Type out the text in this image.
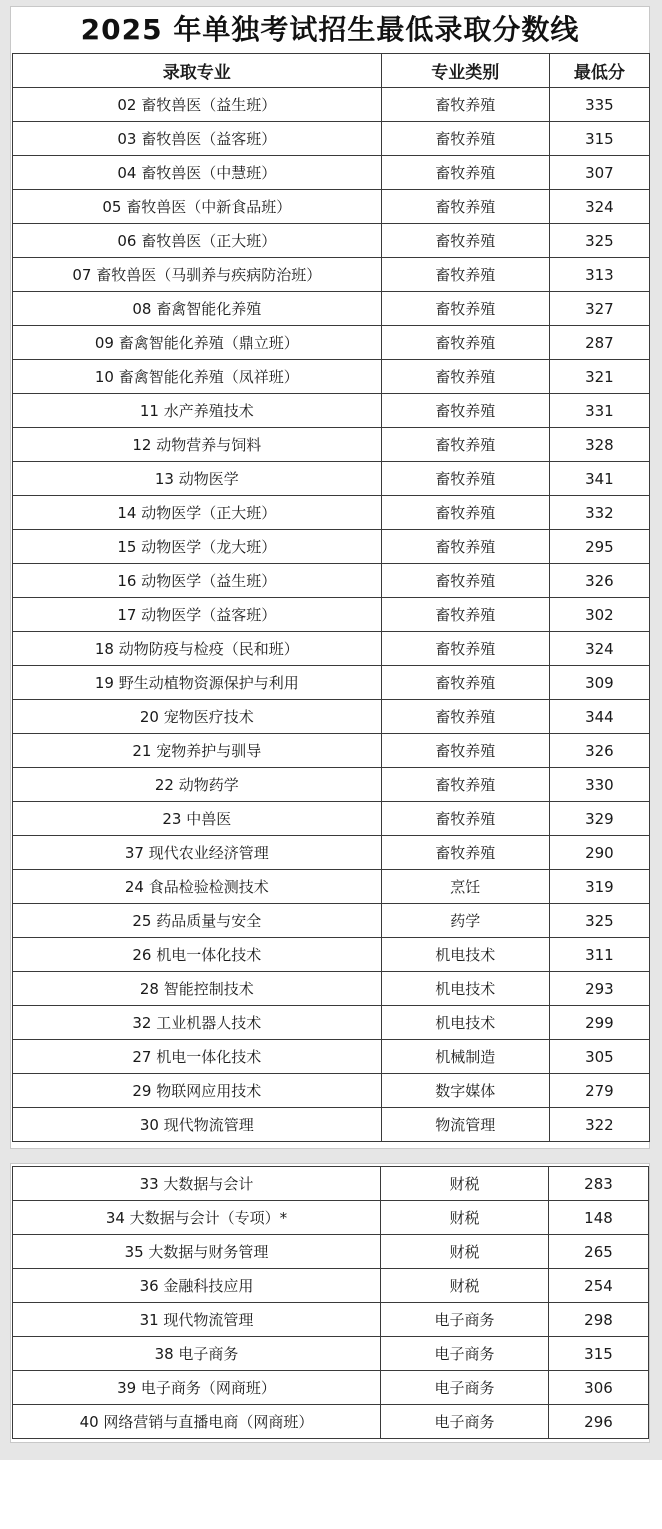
2025 年单独考试招生最低录取分数线
录取专业	专业类别	最低分
02 畜牧兽医（益生班）	畜牧养殖	335
03 畜牧兽医（益客班）	畜牧养殖	315
04 畜牧兽医（中慧班）	畜牧养殖	307
05 畜牧兽医（中新食品班）	畜牧养殖	324
06 畜牧兽医（正大班）	畜牧养殖	325
07 畜牧兽医（马驯养与疾病防治班）	畜牧养殖	313
08 畜禽智能化养殖	畜牧养殖	327
09 畜禽智能化养殖（鼎立班）	畜牧养殖	287
10 畜禽智能化养殖（凤祥班）	畜牧养殖	321
11 水产养殖技术	畜牧养殖	331
12 动物营养与饲料	畜牧养殖	328
13 动物医学	畜牧养殖	341
14 动物医学（正大班）	畜牧养殖	332
15 动物医学（龙大班）	畜牧养殖	295
16 动物医学（益生班）	畜牧养殖	326
17 动物医学（益客班）	畜牧养殖	302
18 动物防疫与检疫（民和班）	畜牧养殖	324
19 野生动植物资源保护与利用	畜牧养殖	309
20 宠物医疗技术	畜牧养殖	344
21 宠物养护与驯导	畜牧养殖	326
22 动物药学	畜牧养殖	330
23 中兽医	畜牧养殖	329
37 现代农业经济管理	畜牧养殖	290
24 食品检验检测技术	烹饪	319
25 药品质量与安全	药学	325
26 机电一体化技术	机电技术	311
28 智能控制技术	机电技术	293
32 工业机器人技术	机电技术	299
27 机电一体化技术	机械制造	305
29 物联网应用技术	数字媒体	279
30 现代物流管理	物流管理	322
33 大数据与会计	财税	283
34 大数据与会计（专项）*	财税	148
35 大数据与财务管理	财税	265
36 金融科技应用	财税	254
31 现代物流管理	电子商务	298
38 电子商务	电子商务	315
39 电子商务（网商班）	电子商务	306
40 网络营销与直播电商（网商班）	电子商务	296
